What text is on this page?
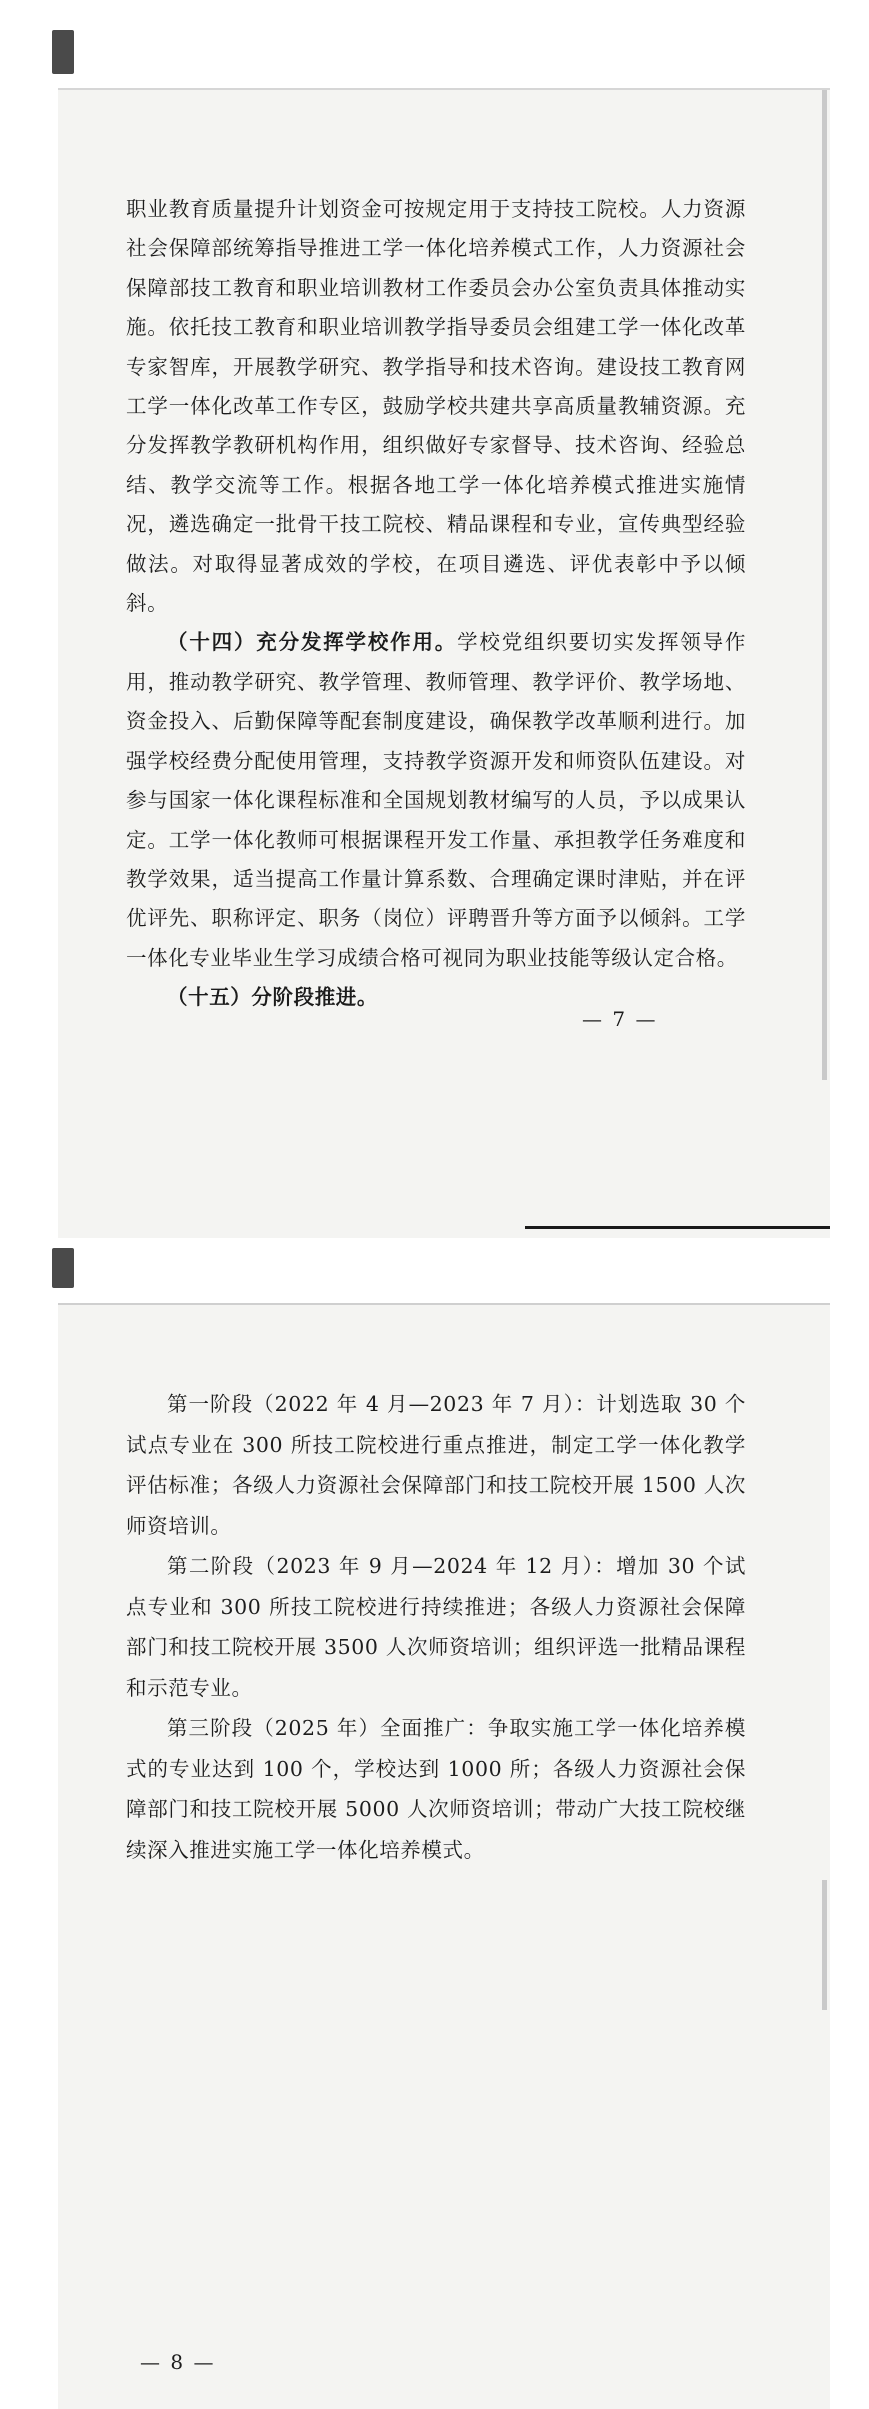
职业教育质量提升计划资金可按规定用于支持技工院校。人力资源社会保障部统筹指导推进工学一体化培养模式工作，人力资源社会保障部技工教育和职业培训教材工作委员会办公室负责具体推动实施。依托技工教育和职业培训教学指导委员会组建工学一体化改革专家智库，开展教学研究、教学指导和技术咨询。建设技工教育网工学一体化改革工作专区，鼓励学校共建共享高质量教辅资源。充分发挥教学教研机构作用，组织做好专家督导、技术咨询、经验总结、教学交流等工作。根据各地工学一体化培养模式推进实施情况，遴选确定一批骨干技工院校、精品课程和专业，宣传典型经验做法。对取得显著成效的学校，在项目遴选、评优表彰中予以倾斜。

（十四）充分发挥学校作用。学校党组织要切实发挥领导作用，推动教学研究、教学管理、教师管理、教学评价、教学场地、资金投入、后勤保障等配套制度建设，确保教学改革顺利进行。加强学校经费分配使用管理，支持教学资源开发和师资队伍建设。对参与国家一体化课程标准和全国规划教材编写的人员，予以成果认定。工学一体化教师可根据课程开发工作量、承担教学任务难度和教学效果，适当提高工作量计算系数、合理确定课时津贴，并在评优评先、职称评定、职务（岗位）评聘晋升等方面予以倾斜。工学一体化专业毕业生学习成绩合格可视同为职业技能等级认定合格。

（十五）分阶段推进。

— 7 —

第一阶段（2022 年 4 月—2023 年 7 月）：计划选取 30 个试点专业在 300 所技工院校进行重点推进，制定工学一体化教学评估标准；各级人力资源社会保障部门和技工院校开展 1500 人次师资培训。

第二阶段（2023 年 9 月—2024 年 12 月）：增加 30 个试点专业和 300 所技工院校进行持续推进；各级人力资源社会保障部门和技工院校开展 3500 人次师资培训；组织评选一批精品课程和示范专业。

第三阶段（2025 年）全面推广：争取实施工学一体化培养模式的专业达到 100 个，学校达到 1000 所；各级人力资源社会保障部门和技工院校开展 5000 人次师资培训；带动广大技工院校继续深入推进实施工学一体化培养模式。

— 8 —
